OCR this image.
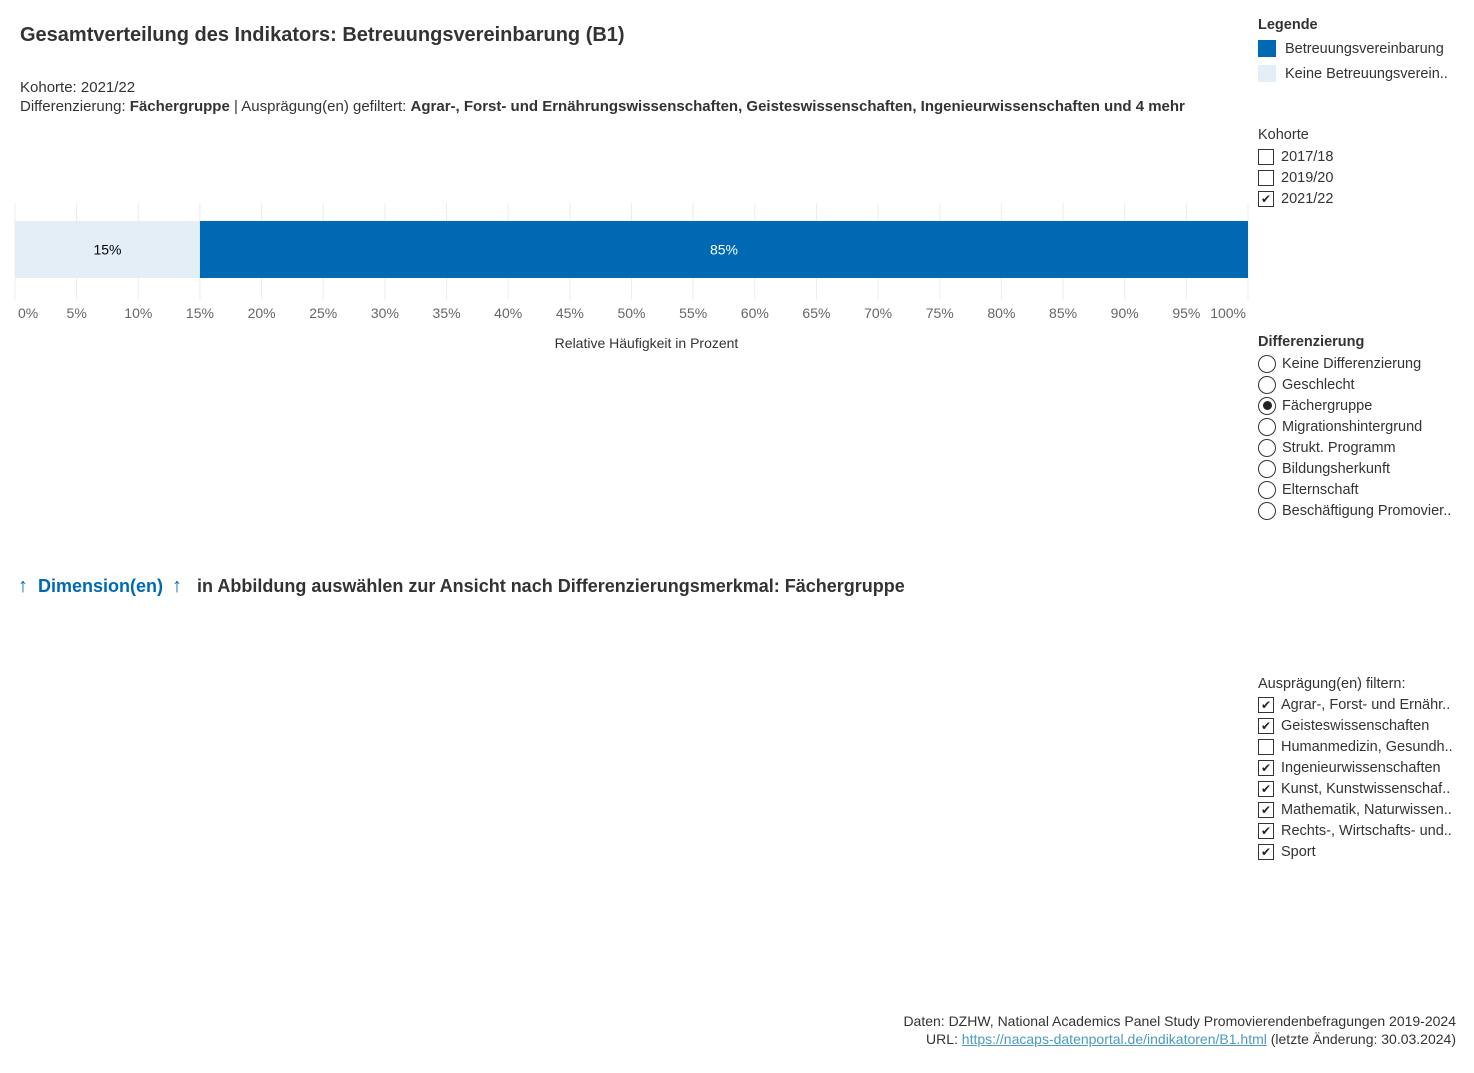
Gesamtverteilung des Indikators: Betreuungsvereinbarung (B1)
Kohorte: 2021/22
Differenzierung: Fächergruppe | Ausprägung(en) gefiltert: Agrar-, Forst- und Ernährungswissenschaften, Geisteswissenschaften, Ingenieurwissenschaften und 4 mehr
15%	85%
0% 5%	10% 15% 20% 25% 30% 35% 40% 45% 50% 55% 60% 65% 70% 75% 80% 85% 90% 95% 100%
Relative Häufigkeit in Prozent
Legende
Betreuungsvereinbarung
Keine Betreuungsverein..
Kohorte
2017/18
2019/20
✔ 2021/22
Differenzierung
Keine Differenzierung
Geschlecht
Fächergruppe
Migrationshintergrund
Strukt. Programm
Bildungsherkunft
Elternschaft
Beschäftigung Promovier..
↑ Dimension(en) ↑ in Abbildung auswählen zur Ansicht nach Differenzierungsmerkmal: Fächergruppe
Ausprägung(en) filtern:
✔ Agrar-, Forst- und Ernähr..
✔ Geisteswissenschaften
Humanmedizin, Gesundh..
✔ Ingenieurwissenschaften
✔ Kunst, Kunstwissenschaf..
✔ Mathematik, Naturwissen..
✔ Rechts-, Wirtschafts- und..
✔ Sport
Daten: DZHW, National Academics Panel Study Promovierendenbefragungen 2019-2024
URL: https://nacaps-datenportal.de/indikatoren/B1.html (letzte Änderung: 30.03.2024)
